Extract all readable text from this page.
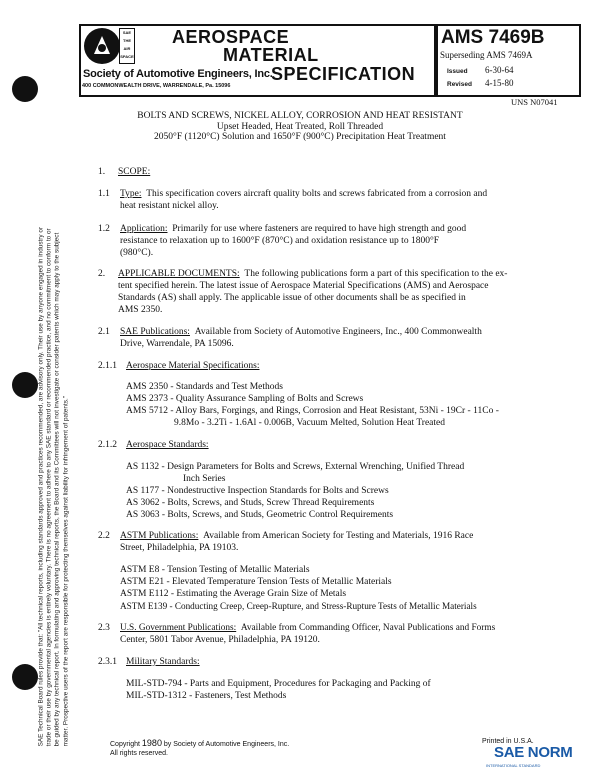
SAE Technical Board rules provide that: "All technical reports, including standards approved and practices recommended, are advisory only. Their use by anyone engaged in industry or trade or their use by governmental agencies is entirely voluntary. There is no agreement to adhere to any SAE standard or recommended practice, and no commitment to conform to or be guided by any technical report. In formulating and approving technical reports, the Board and its Committees will not investigate or consider patents which may apply to the subject matter. Prospective users of the report are responsible for protecting themselves against liability for infringement of patents."
SAE
THE
AIR
SPACE
AEROSPACE
MATERIAL
Society of Automotive Engineers, Inc.
SPECIFICATION
400 COMMONWEALTH DRIVE, WARRENDALE, Pa. 15096
AMS 7469B
Superseding AMS 7469A
Issued 6-30-64
Revised 4-15-80
UNS N07041
BOLTS AND SCREWS, NICKEL ALLOY, CORROSION AND HEAT RESISTANT
Upset Headed, Heat Treated, Roll Threaded
2050°F (1120°C) Solution and 1650°F (900°C) Precipitation Heat Treatment
1. SCOPE:
1.1 Type: This specification covers aircraft quality bolts and screws fabricated from a corrosion and
heat resistant nickel alloy.
1.2 Application: Primarily for use where fasteners are required to have high strength and good
resistance to relaxation up to 1600°F (870°C) and oxidation resistance up to 1800°F
(980°C).
2. APPLICABLE DOCUMENTS: The following publications form a part of this specification to the ex-
tent specified herein. The latest issue of Aerospace Material Specifications (AMS) and Aerospace
Standards (AS) shall apply. The applicable issue of other documents shall be as specified in
AMS 2350.
2.1 SAE Publications: Available from Society of Automotive Engineers, Inc., 400 Commonwealth
Drive, Warrendale, PA 15096.
2.1.1 Aerospace Material Specifications:
AMS 2350 - Standards and Test Methods
AMS 2373 - Quality Assurance Sampling of Bolts and Screws
AMS 5712 - Alloy Bars, Forgings, and Rings, Corrosion and Heat Resistant, 53Ni - 19Cr - 11Co -
9.8Mo - 3.2Ti - 1.6Al - 0.006B, Vacuum Melted, Solution Heat Treated
2.1.2 Aerospace Standards:
AS 1132 - Design Parameters for Bolts and Screws, External Wrenching, Unified Thread
Inch Series
AS 1177 - Nondestructive Inspection Standards for Bolts and Screws
AS 3062 - Bolts, Screws, and Studs, Screw Thread Requirements
AS 3063 - Bolts, Screws, and Studs, Geometric Control Requirements
2.2 ASTM Publications: Available from American Society for Testing and Materials, 1916 Race
Street, Philadelphia, PA 19103.
ASTM E8 - Tension Testing of Metallic Materials
ASTM E21 - Elevated Temperature Tension Tests of Metallic Materials
ASTM E112 - Estimating the Average Grain Size of Metals
ASTM E139 - Conducting Creep, Creep-Rupture, and Stress-Rupture Tests of Metallic Materials
2.3 U.S. Government Publications: Available from Commanding Officer, Naval Publications and Forms
Center, 5801 Tabor Avenue, Philadelphia, PA 19120.
2.3.1 Military Standards:
MIL-STD-794 - Parts and Equipment, Procedures for Packaging and Packing of
MIL-STD-1312 - Fasteners, Test Methods
Copyright 1980 by Society of Automotive Engineers, Inc.
All rights reserved.
Printed in U.S.A.
SAE NORM
INTERNATIONAL STANDARD
